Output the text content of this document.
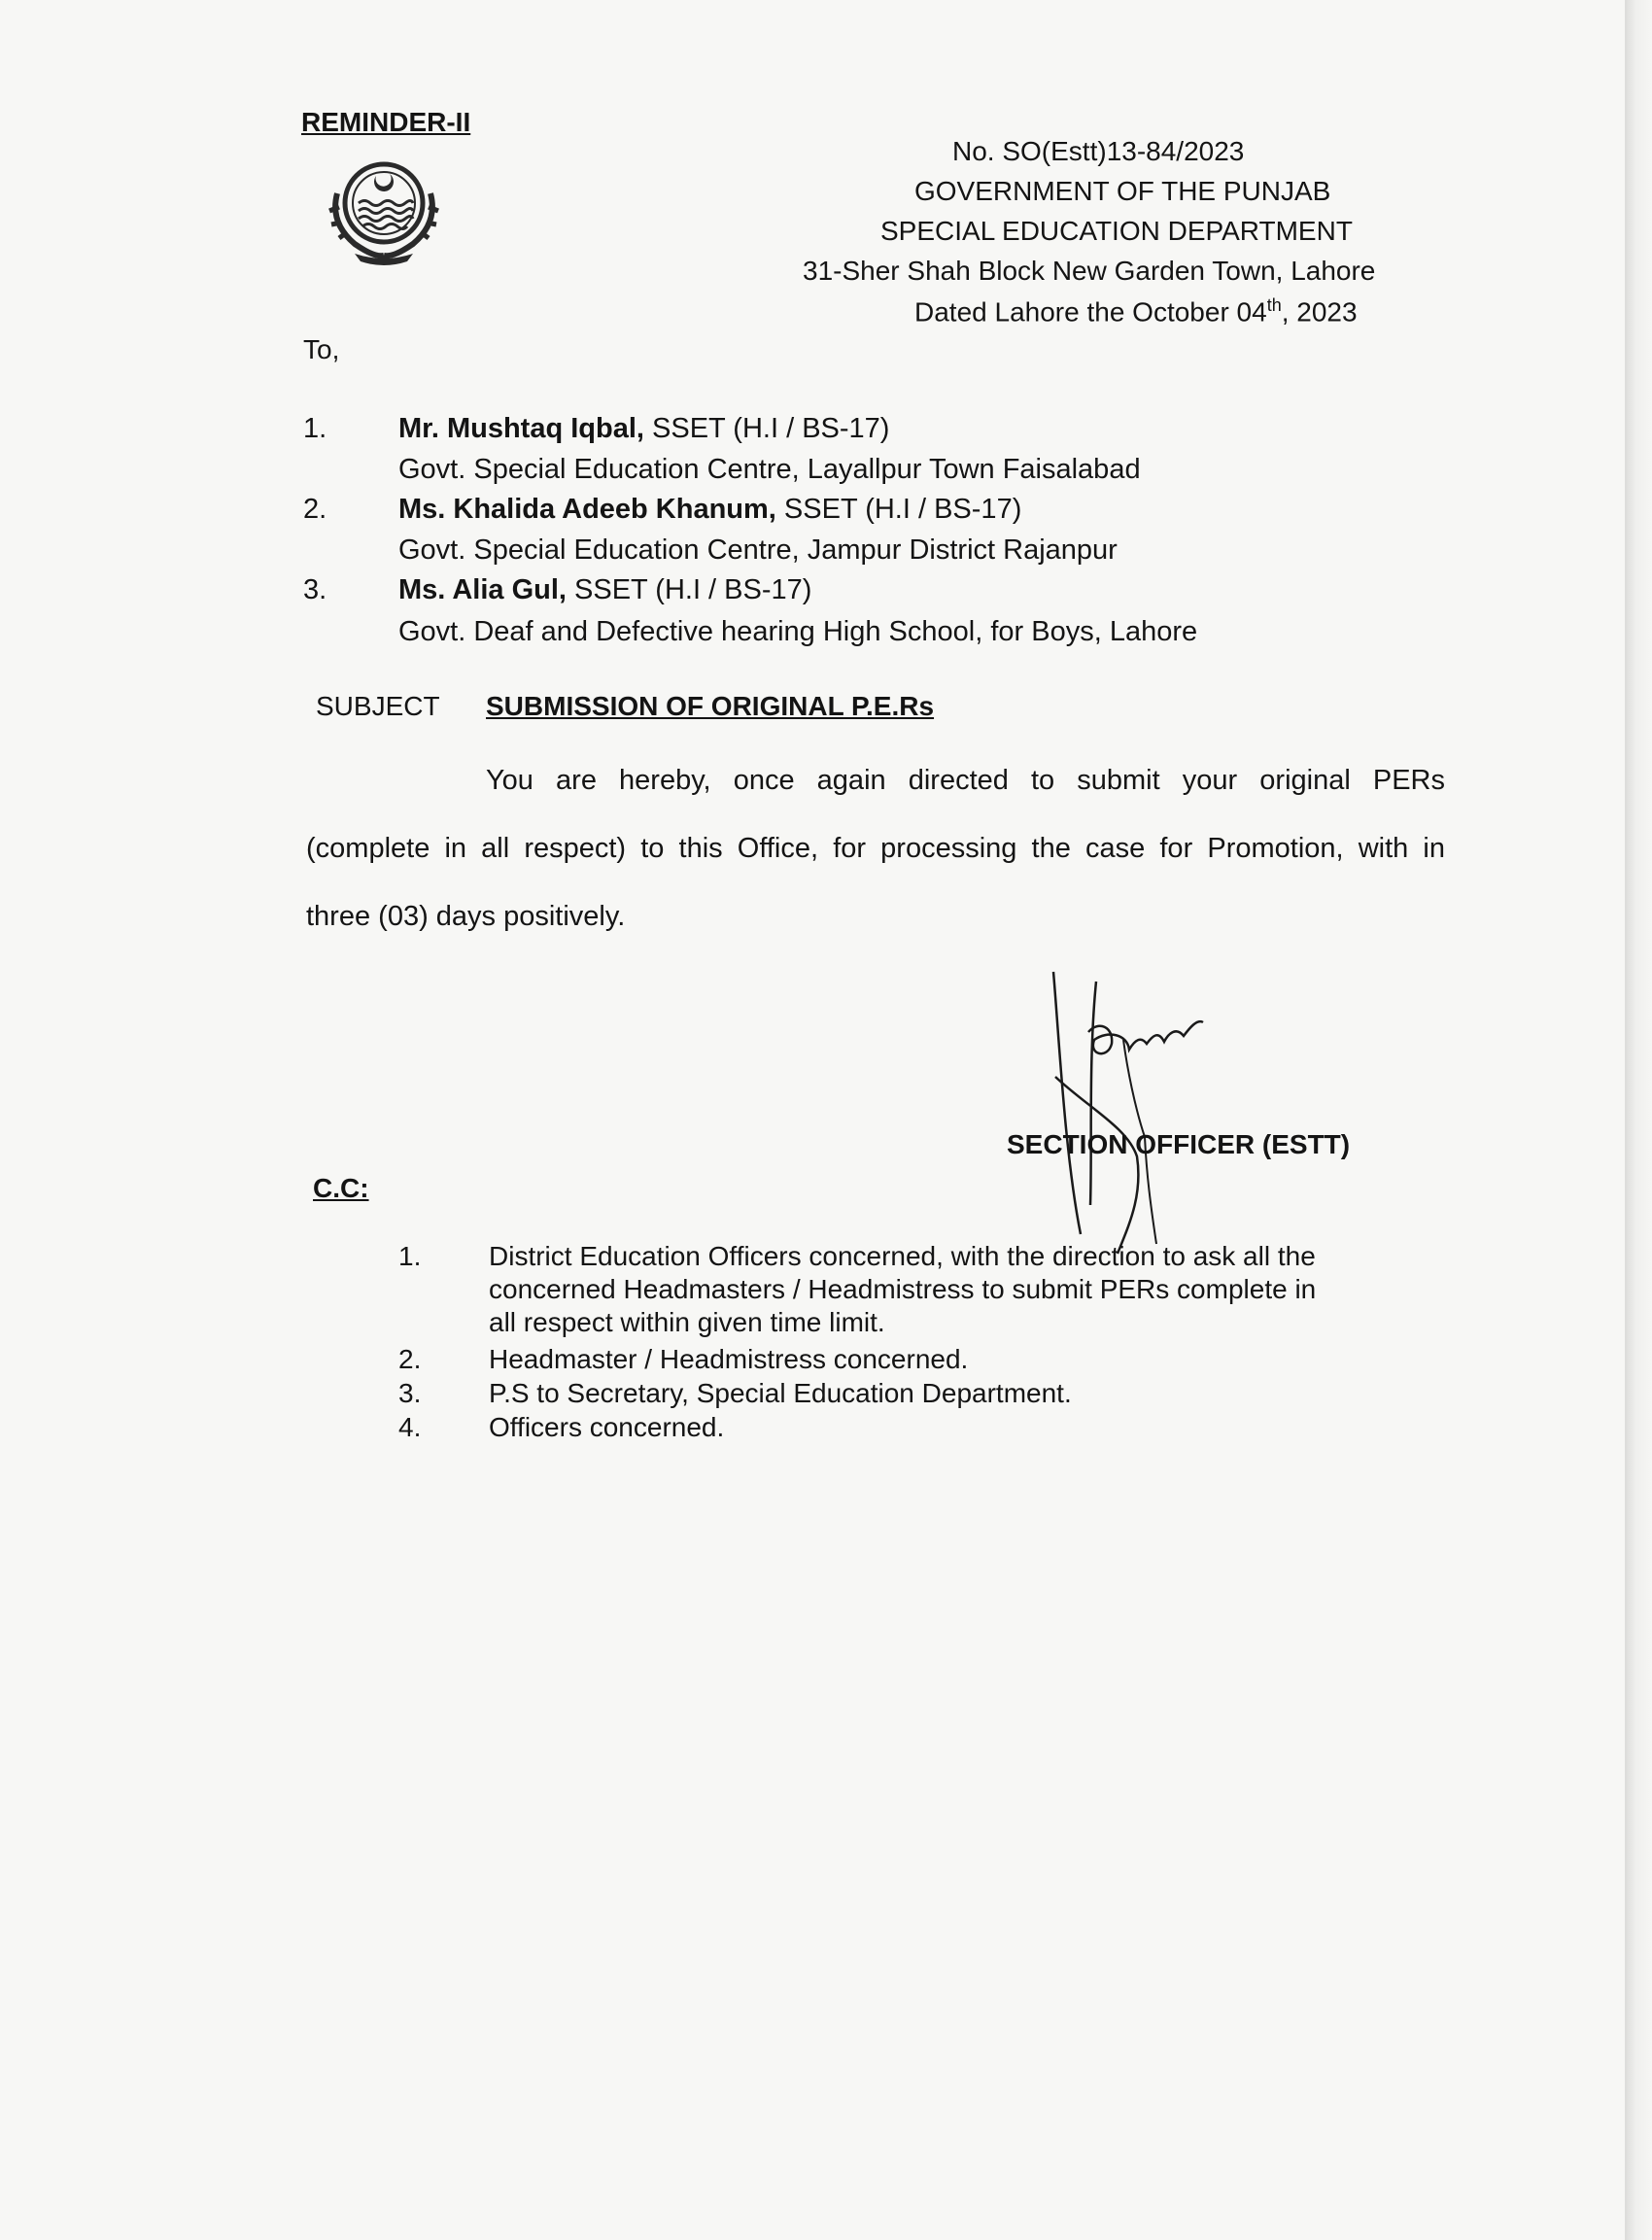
REMINDER-II
No. SO(Estt)13-84/2023
GOVERNMENT OF THE PUNJAB
SPECIAL EDUCATION DEPARTMENT
31-Sher Shah Block New Garden Town, Lahore
Dated Lahore the October 04th, 2023
To,
1.	Mr. Mushtaq Iqbal, SSET (H.I / BS-17)
Govt. Special Education Centre, Layallpur Town Faisalabad
2.	Ms. Khalida Adeeb Khanum, SSET (H.I / BS-17)
Govt. Special Education Centre, Jampur District Rajanpur
3.	Ms. Alia Gul, SSET (H.I / BS-17)
Govt. Deaf and Defective hearing High School, for Boys, Lahore
SUBJECT SUBMISSION OF ORIGINAL P.E.Rs
You are hereby, once again directed to submit your original PERs
(complete in all respect) to this Office, for processing the case for Promotion, with in
three (03) days positively.
SECTION OFFICER (ESTT)
C.C:
1. District Education Officers concerned, with the direction to ask all the
concerned Headmasters / Headmistress to submit PERs complete in
all respect within given time limit.
2. Headmaster / Headmistress concerned.
3. P.S to Secretary, Special Education Department.
4. Officers concerned.
